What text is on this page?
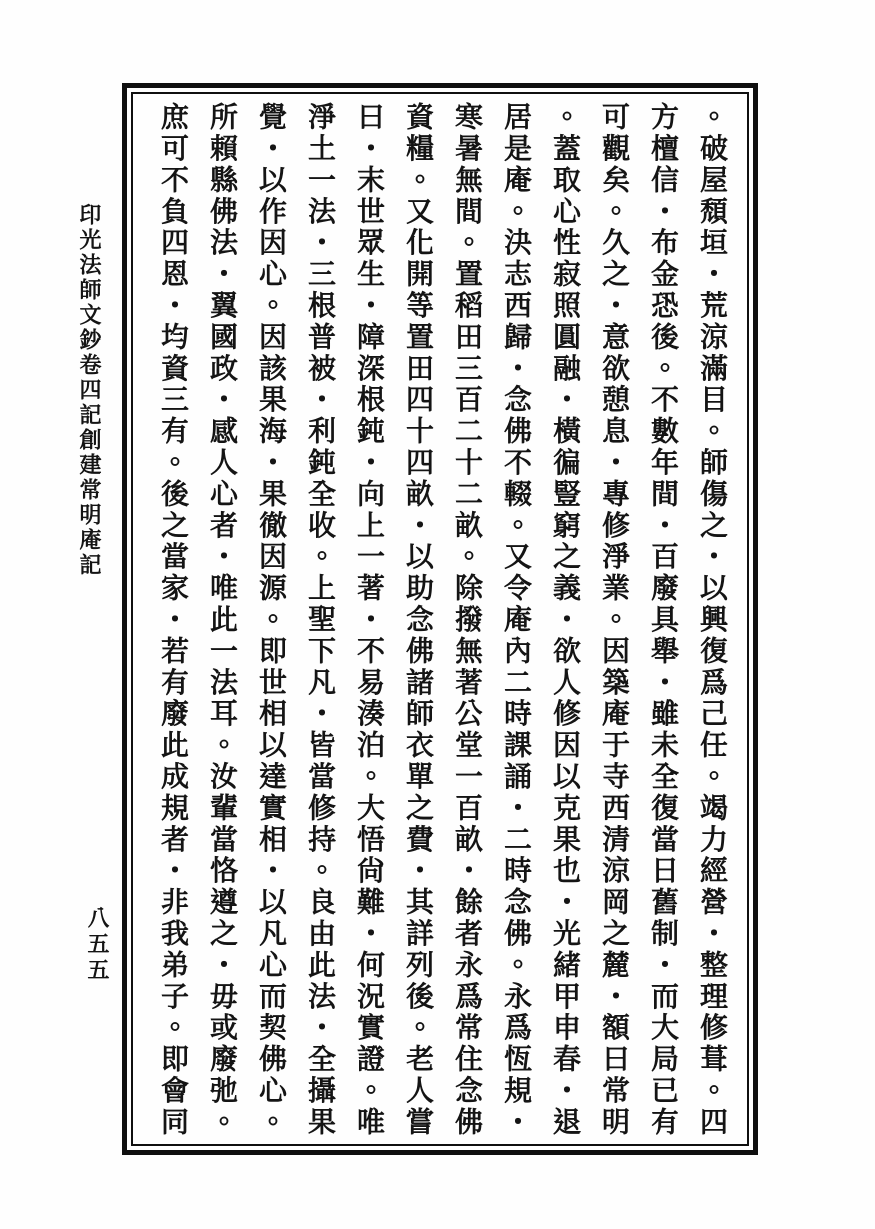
印光法師文鈔卷四記創建常明庵記
八五五	。破屋頹垣・荒涼滿目。師傷之・以興復爲己任。竭力經營・整理修葺。四
方檀信・布金恐後。不數年間・百廢具舉・雖未全復當日舊制・而大局已有
可觀矣。久之・意欲憩息・專修淨業。因築庵于寺西清涼岡之麓・額曰常明
。蓋取心性寂照圓融・橫徧豎窮之義・欲人修因以克果也・光緒甲申春・退
居是庵。決志西歸・念佛不輟。又令庵內二時課誦・二時念佛。永爲恆規・
寒暑無間。置稻田三百二十二畝。除撥無著公堂一百畝・餘者永爲常住念佛
資糧。又化開等置田四十四畝・以助念佛諸師衣單之費・其詳列後。老人嘗
曰・末世眾生・障深根鈍・向上一著・不易湊泊。大悟尙難・何況實證。唯
淨土一法・三根普被・利鈍全收。上聖下凡・皆當修持。良由此法・全攝果
覺・以作因心。因該果海・果徹因源。即世相以達實相・以凡心而契佛心。
所賴縣佛法・翼國政・感人心者・唯此一法耳。汝輩當恪遵之・毋或廢弛。
庶可不負四恩・均資三有。後之當家・若有廢此成規者・非我弟子。即會同
